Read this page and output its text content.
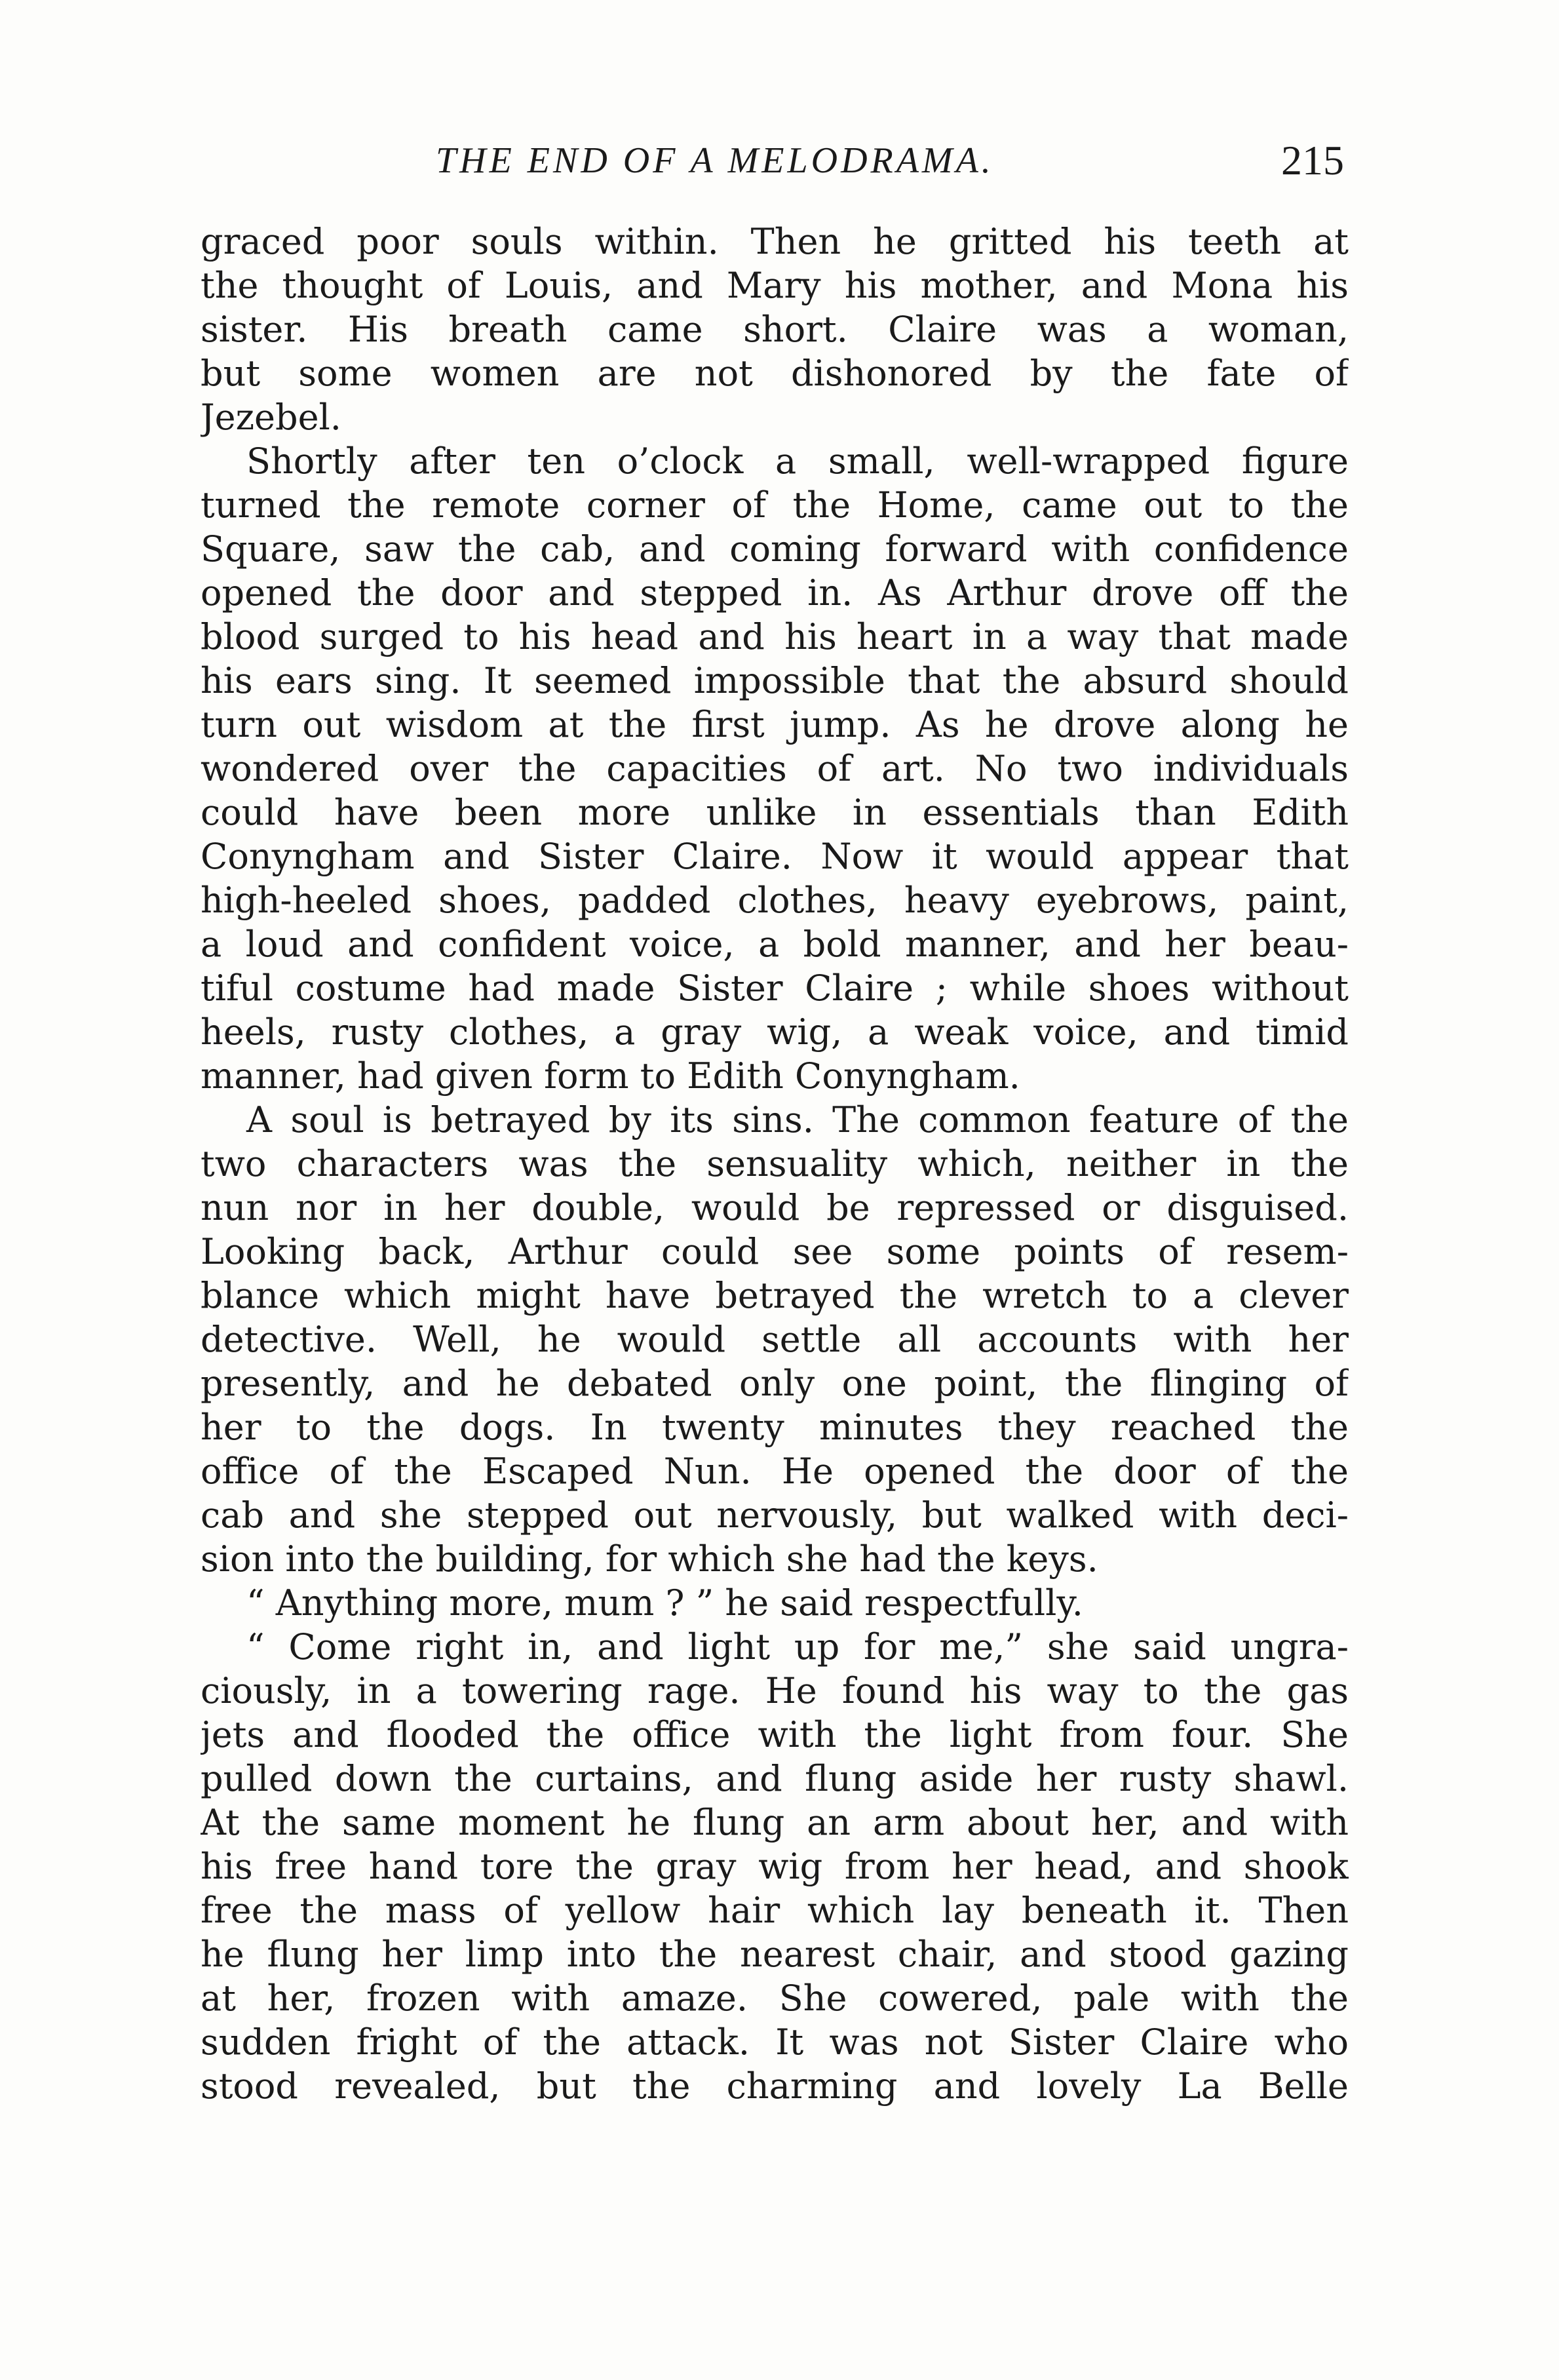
THE END OF A MELODRAMA.	215
graced poor souls within. Then he gritted his teeth at
the thought of Louis, and Mary his mother, and Mona his
sister. His breath came short. Claire was a woman,
but some women are not dishonored by the fate of
Jezebel.
Shortly after ten o’clock a small, well-wrapped figure
turned the remote corner of the Home, came out to the
Square, saw the cab, and coming forward with confidence
opened the door and stepped in. As Arthur drove off the
blood surged to his head and his heart in a way that made
his ears sing. It seemed impossible that the absurd should
turn out wisdom at the first jump. As he drove along he
wondered over the capacities of art. No two individuals
could have been more unlike in essentials than Edith
Conyngham and Sister Claire. Now it would appear that
high-heeled shoes, padded clothes, heavy eyebrows, paint,
a loud and confident voice, a bold manner, and her beau-
tiful costume had made Sister Claire ; while shoes without
heels, rusty clothes, a gray wig, a weak voice, and timid
manner, had given form to Edith Conyngham.
A soul is betrayed by its sins. The common feature of the
two characters was the sensuality which, neither in the
nun nor in her double, would be repressed or disguised.
Looking back, Arthur could see some points of resem-
blance which might have betrayed the wretch to a clever
detective. Well, he would settle all accounts with her
presently, and he debated only one point, the flinging of
her to the dogs. In twenty minutes they reached the
office of the Escaped Nun. He opened the door of the
cab and she stepped out nervously, but walked with deci-
sion into the building, for which she had the keys.
“ Anything more, mum ? ” he said respectfully.
“ Come right in, and light up for me,” she said ungra-
ciously, in a towering rage. He found his way to the gas
jets and flooded the office with the light from four. She
pulled down the curtains, and flung aside her rusty shawl.
At the same moment he flung an arm about her, and with
his free hand tore the gray wig from her head, and shook
free the mass of yellow hair which lay beneath it. Then
he flung her limp into the nearest chair, and stood gazing
at her, frozen with amaze. She cowered, pale with the
sudden fright of the attack. It was not Sister Claire who
stood revealed, but the charming and lovely La Belle
